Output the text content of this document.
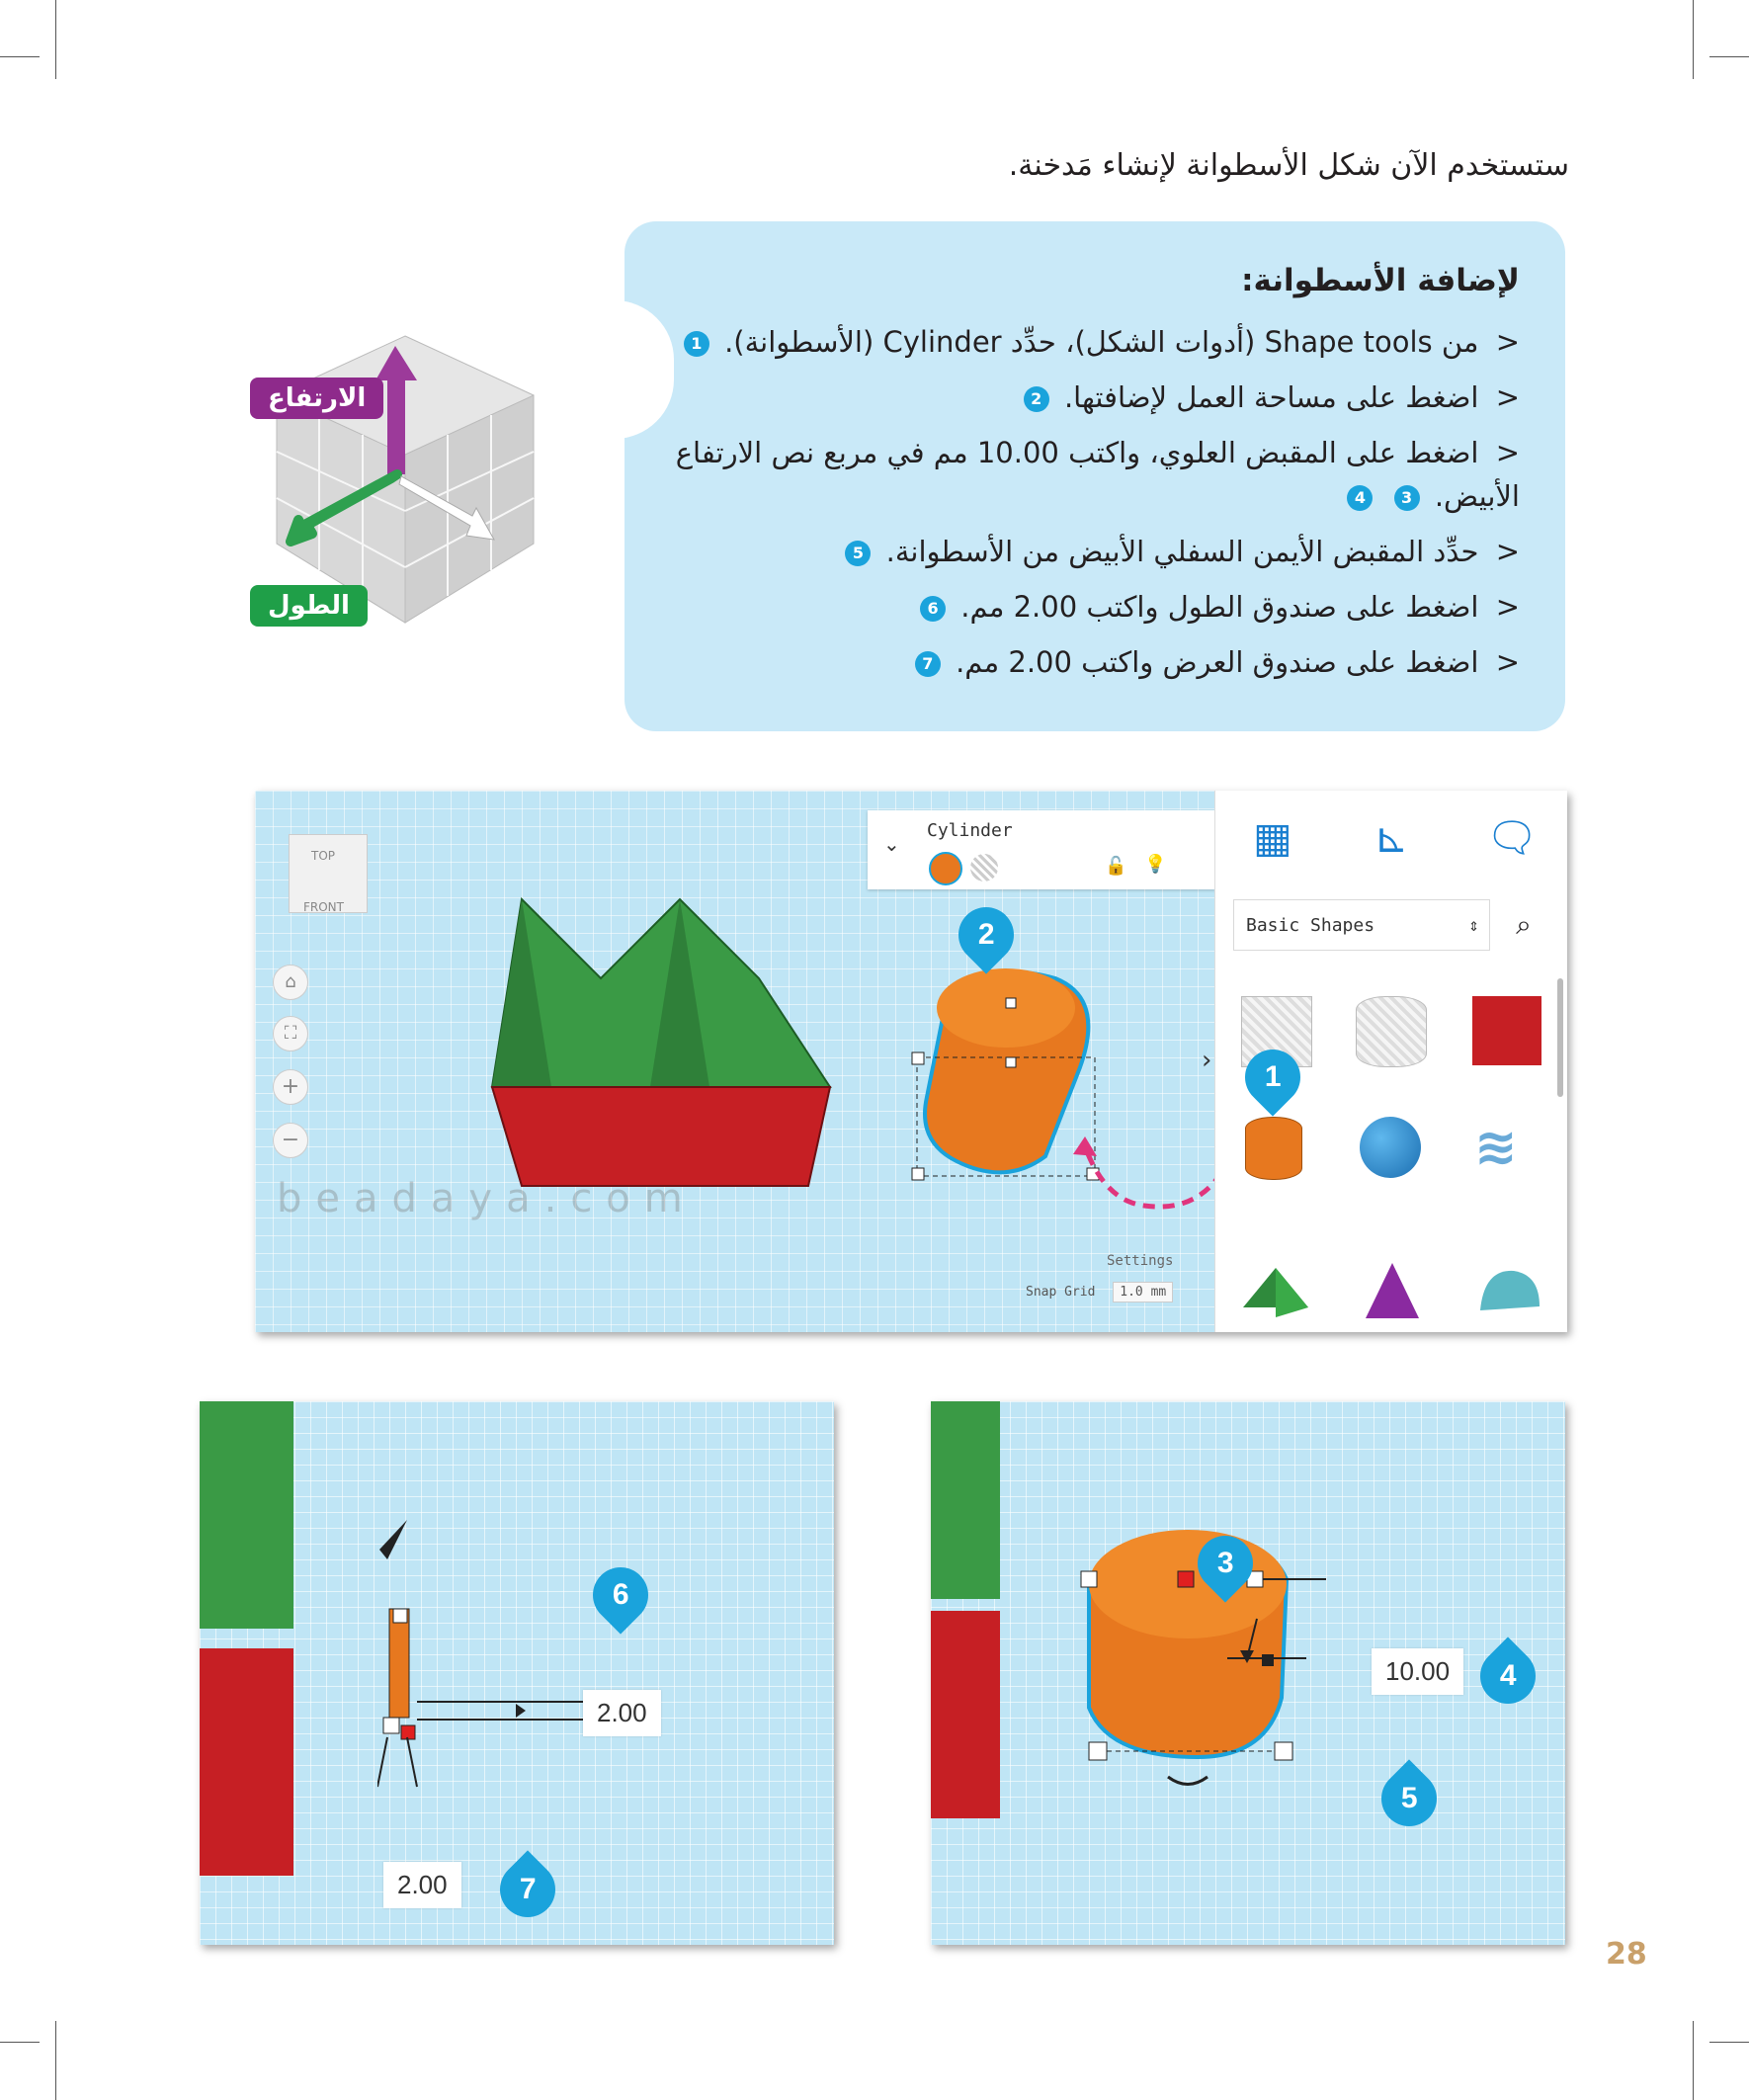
ستستخدم الآن شكل الأسطوانة لإنشاء مَدخنة.
الارتفاع
الطول
لإضافة الأسطوانة:
< من Shape tools (أدوات الشكل)، حدِّد Cylinder (الأسطوانة). 1
< اضغط على مساحة العمل لإضافتها. 2
< اضغط على المقبض العلوي، واكتب 10.00 مم في مربع نص الارتفاع الأبيض. 3 4
< حدِّد المقبض الأيمن السفلي الأبيض من الأسطوانة. 5
< اضغط على صندوق الطول واكتب 2.00 مم. 6
< اضغط على صندوق العرض واكتب 2.00 مم. 7
TOP
FRONT
⌂
⛶
+
−
2
⌄
Cylinder
🔓 💡
▦ ⊾ 🗨
Basic Shapes	⇕	⌕
≋
1
›
Settings
Snap Grid 1.0 mm
beadaya.com
2.00
2.00
6
7
10.00
3
4
5
28
